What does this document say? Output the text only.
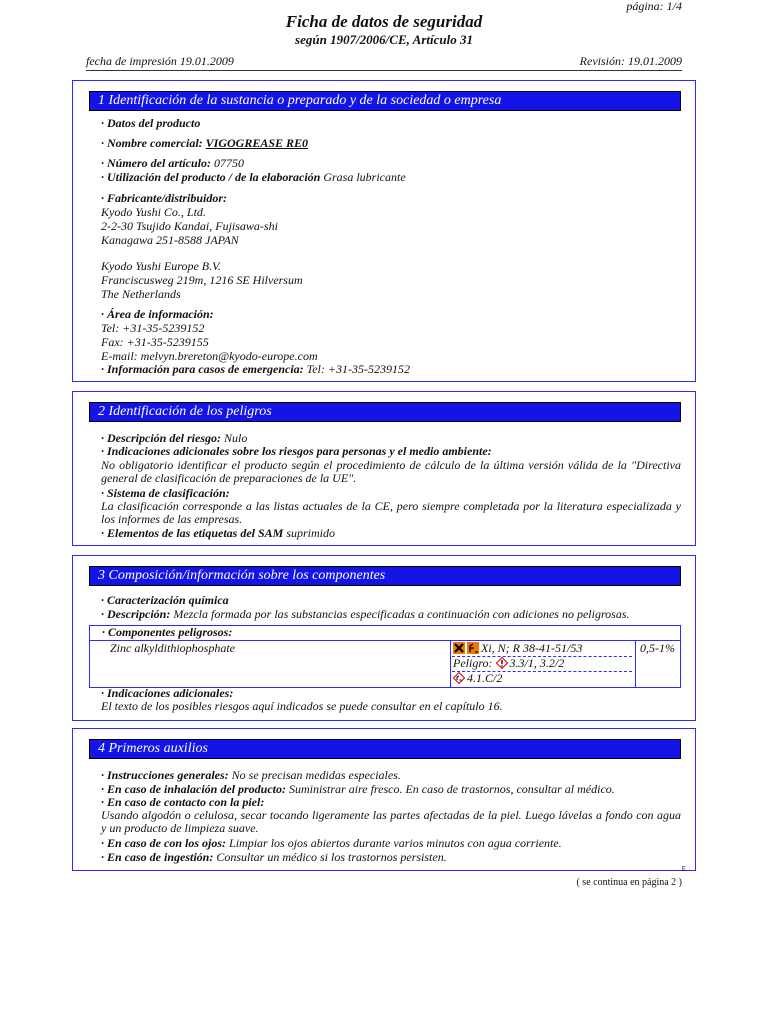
página: 1/4
Ficha de datos de seguridad
según 1907/2006/CE, Artículo 31
fecha de impresión 19.01.2009	Revisión: 19.01.2009
1 Identificación de la sustancia o preparado y de la sociedad o empresa
· Datos del producto
· Nombre comercial: VIGOGREASE RE0
· Número del artículo: 07750
· Utilización del producto / de la elaboración Grasa lubricante
· Fabricante/distribuidor:
Kyodo Yushi Co., Ltd.
2-2-30 Tsujido Kandai, Fujisawa-shi
Kanagawa 251-8588 JAPAN
Kyodo Yushi Europe B.V.
Franciscusweg 219m, 1216 SE Hilversum
The Netherlands
· Área de información:
Tel: +31-35-5239152
Fax: +31-35-5239155
E-mail: melvyn.brereton@kyodo-europe.com
· Información para casos de emergencia: Tel: +31-35-5239152
2 Identificación de los peligros
· Descripción del riesgo: Nulo
· Indicaciones adicionales sobre los riesgos para personas y el medio ambiente:
No obligatorio identificar el producto según el procedimiento de cálculo de la última versión válida de la "Directiva general de clasificación de preparaciones de la UE".
· Sistema de clasificación:
La clasificación corresponde a las listas actuales de la CE, pero siempre completada por la literatura especializada y los informes de las empresas.
· Elementos de las etiquetas del SAM suprimido
3 Composición/información sobre los componentes
· Caracterización química
· Descripción: Mezcla formada por las substancias especificadas a continuación con adiciones no peligrosas.
· Componentes peligrosos:
Zinc alkyldithiophosphate	Xi, N; R 38-41-51/53
Peligro: 3.3/1, 3.2/2
4.1.C/2
0,5-1%
· Indicaciones adicionales:
El texto de los posibles riesgos aquí indicados se puede consultar en el capítulo 16.
4 Primeros auxilios
· Instrucciones generales: No se precisan medidas especiales.
· En caso de inhalación del producto: Suministrar aire fresco. En caso de trastornos, consultar al médico.
· En caso de contacto con la piel:
Usando algodón o celulosa, secar tocando ligeramente las partes afectadas de la piel. Luego lávelas a fondo con agua y un producto de limpieza suave.
· En caso de con los ojos: Limpiar los ojos abiertos durante varios minutos con agua corriente.
· En caso de ingestión: Consultar un médico si los trastornos persisten.
E
( se continua en página 2 )
